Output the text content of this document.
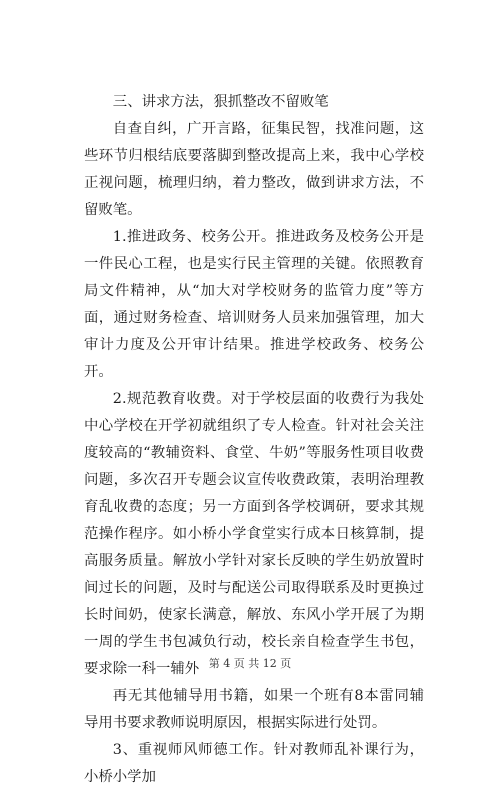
三、讲求方法，狠抓整改不留败笔

自查自纠，广开言路，征集民智，找准问题，这些环节归根结底要落脚到整改提高上来，我中心学校正视问题，梳理归纳，着力整改，做到讲求方法，不留败笔。

1.推进政务、校务公开。推进政务及校务公开是一件民心工程，也是实行民主管理的关键。依照教育局文件精神，从“加大对学校财务的监管力度”等方面，通过财务检查、培训财务人员来加强管理，加大审计力度及公开审计结果。推进学校政务、校务公开。

2.规范教育收费。对于学校层面的收费行为我处中心学校在开学初就组织了专人检查。针对社会关注度较高的“教辅资料、食堂、牛奶”等服务性项目收费问题，多次召开专题会议宣传收费政策，表明治理教育乱收费的态度；另一方面到各学校调研，要求其规范操作程序。如小桥小学食堂实行成本日核算制，提高服务质量。解放小学针对家长反映的学生奶放置时间过长的问题，及时与配送公司取得联系及时更换过长时间奶，使家长满意，解放、东风小学开展了为期一周的学生书包减负行动，校长亲自检查学生书包，要求除一科一辅外

再无其他辅导用书籍，如果一个班有8本雷同辅导用书要求教师说明原因，根据实际进行处罚。

3、重视师风师德工作。针对教师乱补课行为，小桥小学加

第 4 页 共 12 页
